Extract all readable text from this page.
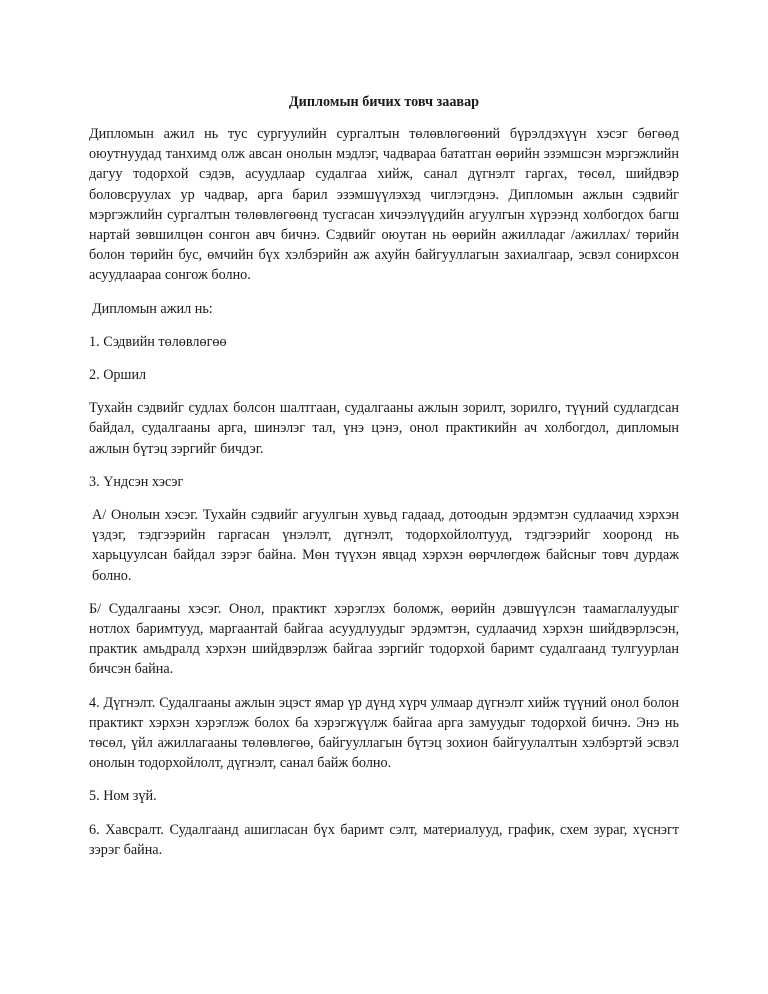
Дипломын бичих товч заавар

Дипломын ажил нь тус сургуулийн сургалтын төлөвлөгөөний бүрэлдэхүүн хэсэг бөгөөд оюутнуудад танхимд олж авсан онолын мэдлэг, чадвараа бататган өөрийн эзэмшсэн мэргэжлийн дагуу тодорхой сэдэв, асуудлаар судалгаа хийж, санал дүгнэлт гаргах, төсөл, шийдвэр боловсруулах ур чадвар, арга барил эзэмшүүлэхэд чиглэгдэнэ. Дипломын ажлын сэдвийг мэргэжлийн сургалтын төлөвлөгөөнд тусгасан хичээлүүдийн агуулгын хүрээнд холбогдох багш нартай зөвшилцөн сонгон авч бичнэ. Сэдвийг оюутан нь өөрийн ажилладаг /ажиллах/ төрийн болон төрийн бус, өмчийн бүх хэлбэрийн аж ахуйн байгууллагын захиалгаар, эсвэл сонирхсон асуудлаараа сонгож болно.

Дипломын ажил нь:

1. Сэдвийн төлөвлөгөө

2. Оршил

Тухайн сэдвийг судлах болсон шалтгаан, судалгааны ажлын зорилт, зорилго, түүний судлагдсан байдал, судалгааны арга, шинэлэг тал, үнэ цэнэ, онол практикийн ач холбогдол, дипломын ажлын бүтэц зэргийг бичдэг.

3. Үндсэн хэсэг

А/ Онолын хэсэг. Тухайн сэдвийг агуулгын хувьд гадаад, дотоодын эрдэмтэн судлаачид хэрхэн үздэг, тэдгээрийн гаргасан үнэлэлт, дүгнэлт, тодорхойлолтууд, тэдгээрийг хооронд нь харьцуулсан байдал зэрэг байна. Мөн түүхэн явцад хэрхэн өөрчлөгдөж байсныг товч дурдаж болно.

Б/ Судалгааны хэсэг. Онол, практикт хэрэглэх боломж, өөрийн дэвшүүлсэн таамаглалуудыг нотлох баримтууд, маргаантай байгаа асуудлуудыг эрдэмтэн, судлаачид хэрхэн шийдвэрлэсэн, практик амьдралд хэрхэн шийдвэрлэж байгаа зэргийг тодорхой баримт судалгаанд тулгуурлан бичсэн байна.

4. Дүгнэлт. Судалгааны ажлын эцэст ямар үр дүнд хүрч улмаар дүгнэлт хийж түүний онол болон практикт хэрхэн хэрэглэж болох ба хэрэгжүүлж байгаа арга замуудыг тодорхой бичнэ. Энэ нь төсөл, үйл ажиллагааны төлөвлөгөө, байгууллагын бүтэц зохион байгуулалтын хэлбэртэй эсвэл онолын тодорхойлолт, дүгнэлт, санал байж болно.

5. Ном зүй.

6. Хавсралт. Судалгаанд ашигласан бүх баримт сэлт, материалууд, график, схем зураг, хүснэгт зэрэг байна.
